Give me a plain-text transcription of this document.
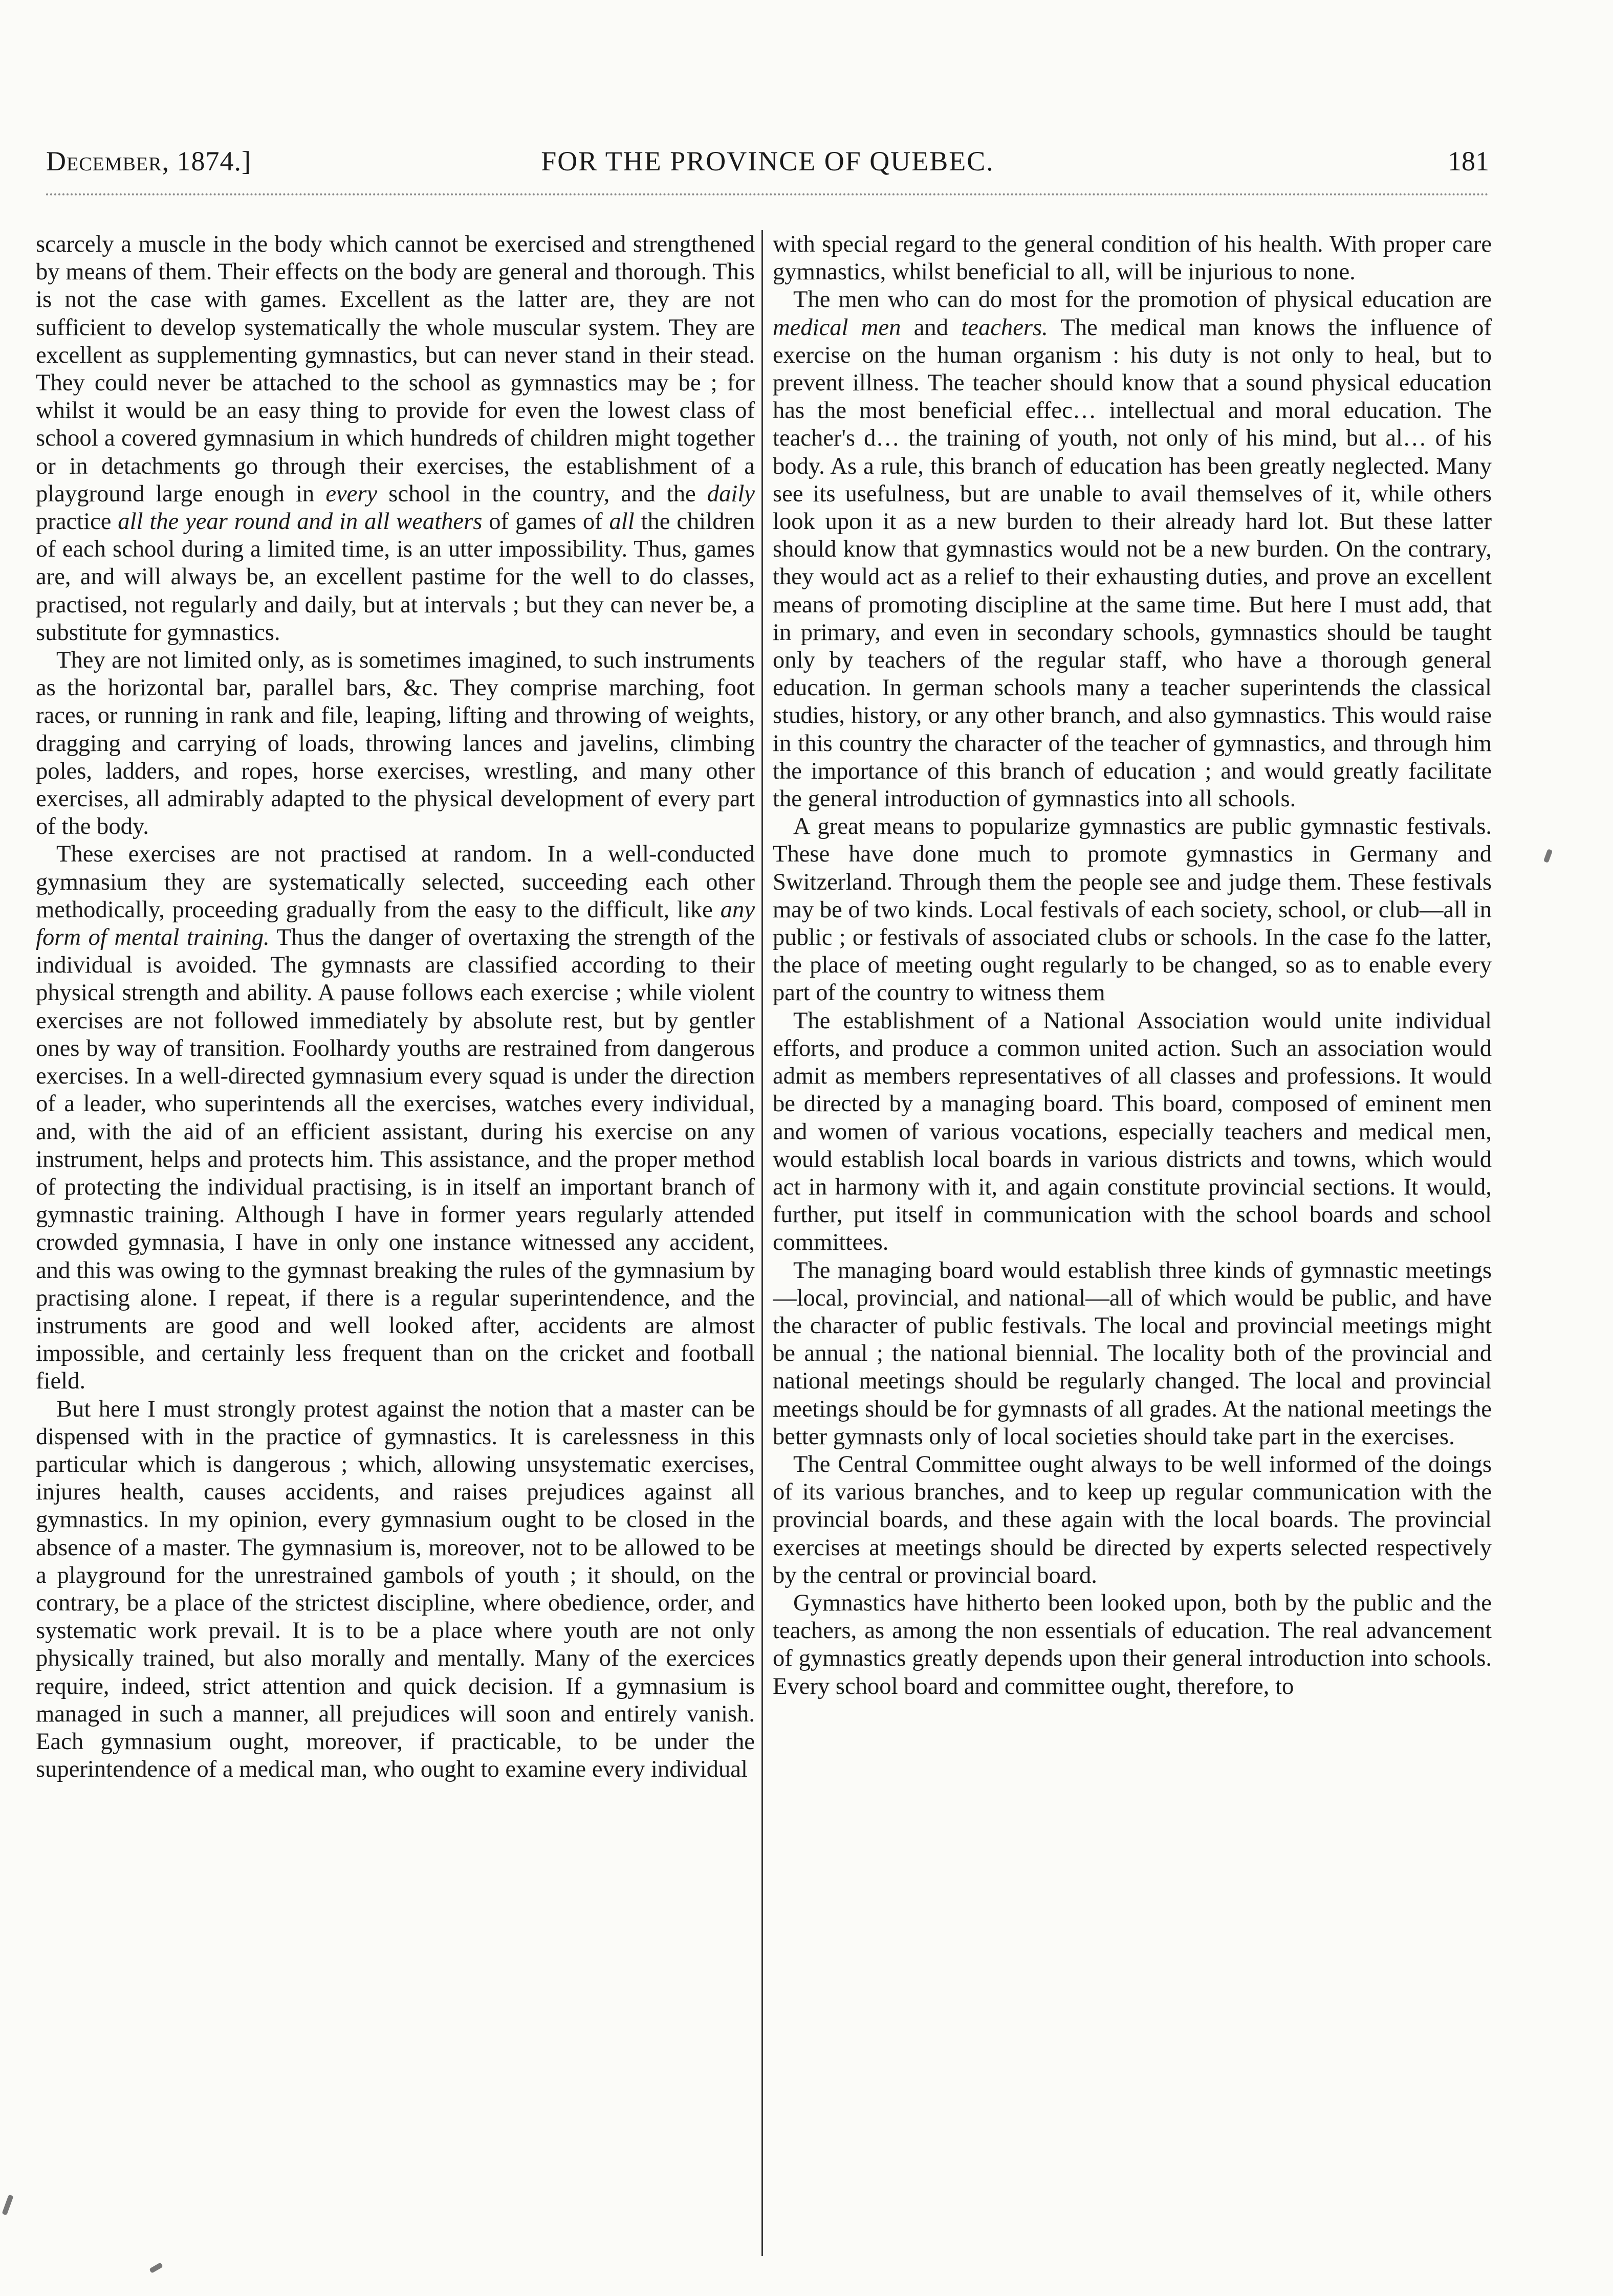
December, 1874.]	FOR THE PROVINCE OF QUEBEC.	181

scarcely a muscle in the body which cannot be exercised and strengthened by means of them. Their effects on the body are general and thorough. This is not the case with games. Excellent as the latter are, they are not sufficient to develop systematically the whole muscular system. They are excellent as supplementing gymnastics, but can never stand in their stead. They could never be attached to the school as gymnastics may be ; for whilst it would be an easy thing to provide for even the lowest class of school a covered gymnasium in which hundreds of children might together or in detachments go through their exercises, the establishment of a playground large enough in every school in the country, and the daily practice all the year round and in all weathers of games of all the children of each school during a limited time, is an utter impossibility. Thus, games are, and will always be, an excellent pastime for the well to do classes, practised, not regularly and daily, but at intervals ; but they can never be, a substitute for gymnastics.

They are not limited only, as is sometimes imagined, to such instruments as the horizontal bar, parallel bars, &c. They comprise marching, foot races, or running in rank and file, leaping, lifting and throwing of weights, dragging and carrying of loads, throwing lances and javelins, climbing poles, ladders, and ropes, horse exercises, wrestling, and many other exercises, all admirably adapted to the physical development of every part of the body.

These exercises are not practised at random. In a well-conducted gymnasium they are systematically selected, succeeding each other methodically, proceeding gradually from the easy to the difficult, like any form of mental training. Thus the danger of overtaxing the strength of the individual is avoided. The gymnasts are classified according to their physical strength and ability. A pause follows each exercise ; while violent exercises are not followed immediately by absolute rest, but by gentler ones by way of transition. Foolhardy youths are restrained from dangerous exercises. In a well-directed gymnasium every squad is under the direction of a leader, who superintends all the exercises, watches every individual, and, with the aid of an efficient assistant, during his exercise on any instrument, helps and protects him. This assistance, and the proper method of protecting the individual practising, is in itself an important branch of gymnastic training. Although I have in former years regularly attended crowded gymnasia, I have in only one instance witnessed any accident, and this was owing to the gymnast breaking the rules of the gymnasium by practising alone. I repeat, if there is a regular superintendence, and the instruments are good and well looked after, accidents are almost impossible, and certainly less frequent than on the cricket and football field.

But here I must strongly protest against the notion that a master can be dispensed with in the practice of gymnastics. It is carelessness in this particular which is dangerous ; which, allowing unsystematic exercises, injures health, causes accidents, and raises prejudices against all gymnastics. In my opinion, every gymnasium ought to be closed in the absence of a master. The gymnasium is, moreover, not to be allowed to be a playground for the unrestrained gambols of youth ; it should, on the contrary, be a place of the strictest discipline, where obedience, order, and systematic work prevail. It is to be a place where youth are not only physically trained, but also morally and mentally. Many of the exercices require, indeed, strict attention and quick decision. If a gymnasium is managed in such a manner, all prejudices will soon and entirely vanish. Each gymnasium ought, moreover, if practicable, to be under the superintendence of a medical man, who ought to examine every individual

with special regard to the general condition of his health. With proper care gymnastics, whilst beneficial to all, will be injurious to none.

The men who can do most for the promotion of physical education are medical men and teachers. The medical man knows the influence of exercise on the human organism : his duty is not only to heal, but to prevent illness. The teacher should know that a sound physical education has the most beneficial effec… intellectual and moral education. The teacher's d… the training of youth, not only of his mind, but al… of his body. As a rule, this branch of education has been greatly neglected. Many see its usefulness, but are unable to avail themselves of it, while others look upon it as a new burden to their already hard lot. But these latter should know that gymnastics would not be a new burden. On the contrary, they would act as a relief to their exhausting duties, and prove an excellent means of promoting discipline at the same time. But here I must add, that in primary, and even in secondary schools, gymnastics should be taught only by teachers of the regular staff, who have a thorough general education. In german schools many a teacher superintends the classical studies, history, or any other branch, and also gymnastics. This would raise in this country the character of the teacher of gymnastics, and through him the importance of this branch of education ; and would greatly facilitate the general introduction of gymnastics into all schools.

A great means to popularize gymnastics are public gymnastic festivals. These have done much to promote gymnastics in Germany and Switzerland. Through them the people see and judge them. These festivals may be of two kinds. Local festivals of each society, school, or club—all in public ; or festivals of associated clubs or schools. In the case fo the latter, the place of meeting ought regularly to be changed, so as to enable every part of the country to witness them

The establishment of a National Association would unite individual efforts, and produce a common united action. Such an association would admit as members representatives of all classes and professions. It would be directed by a managing board. This board, composed of eminent men and women of various vocations, especially teachers and medical men, would establish local boards in various districts and towns, which would act in harmony with it, and again constitute provincial sections. It would, further, put itself in communication with the school boards and school committees.

The managing board would establish three kinds of gymnastic meetings—local, provincial, and national—all of which would be public, and have the character of public festivals. The local and provincial meetings might be annual ; the national biennial. The locality both of the provincial and national meetings should be regularly changed. The local and provincial meetings should be for gymnasts of all grades. At the national meetings the better gymnasts only of local societies should take part in the exercises.

The Central Committee ought always to be well informed of the doings of its various branches, and to keep up regular communication with the provincial boards, and these again with the local boards. The provincial exercises at meetings should be directed by experts selected respectively by the central or provincial board.

Gymnastics have hitherto been looked upon, both by the public and the teachers, as among the non essentials of education. The real advancement of gymnastics greatly depends upon their general introduction into schools. Every school board and committee ought, therefore, to
